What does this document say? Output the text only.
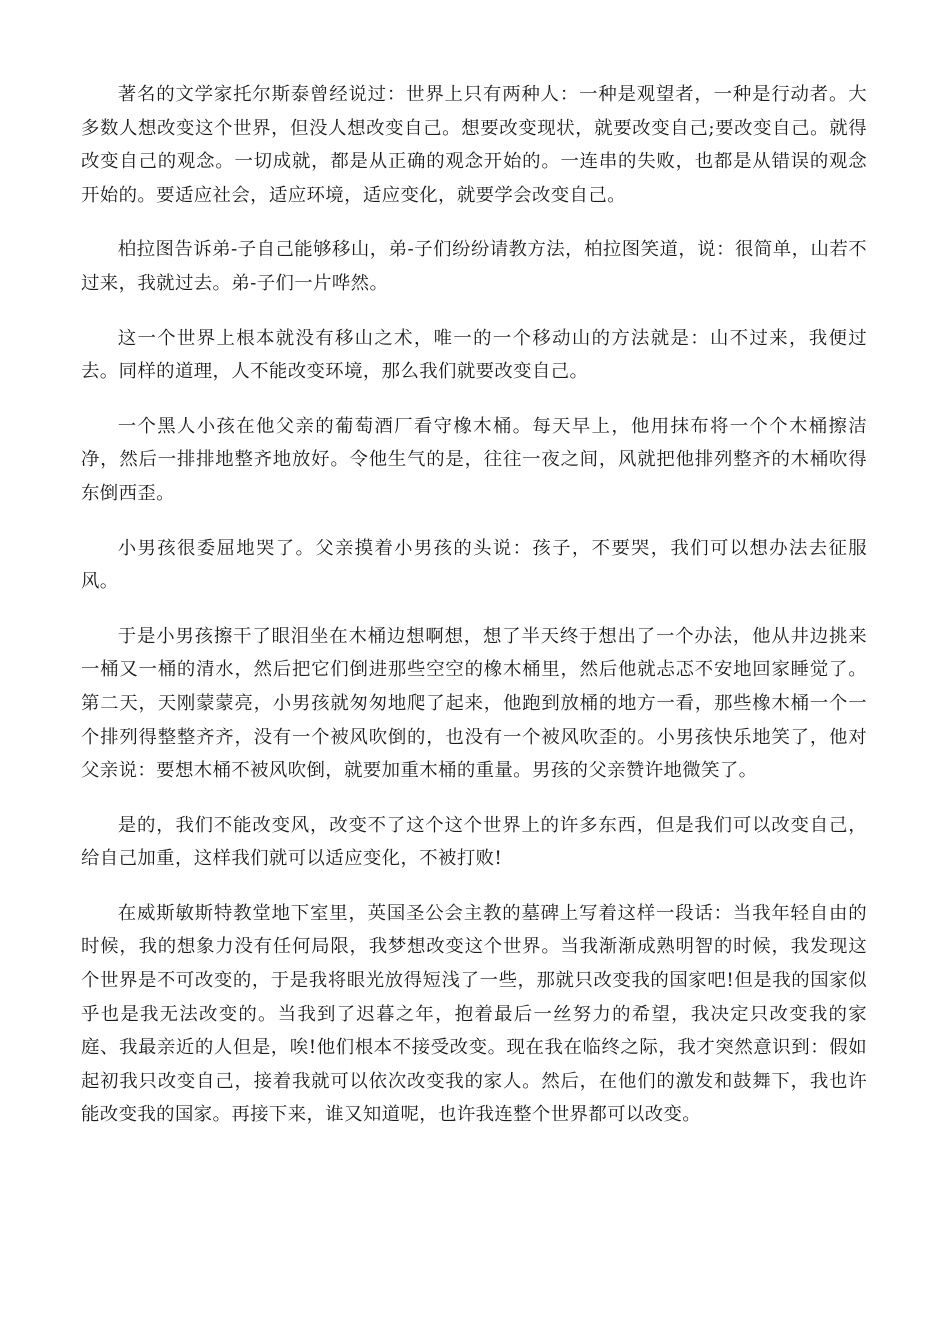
著名的文学家托尔斯泰曾经说过：世界上只有两种人：一种是观望者，一种是行动者。大多数人想改变这个世界，但没人想改变自己。想要改变现状，就要改变自己;要改变自己。就得改变自己的观念。一切成就，都是从正确的观念开始的。一连串的失败，也都是从错误的观念开始的。要适应社会，适应环境，适应变化，就要学会改变自己。

柏拉图告诉弟-子自己能够移山，弟-子们纷纷请教方法，柏拉图笑道，说：很简单，山若不过来，我就过去。弟-子们一片哗然。

这一个世界上根本就没有移山之术，唯一的一个移动山的方法就是：山不过来，我便过去。同样的道理，人不能改变环境，那么我们就要改变自己。

一个黑人小孩在他父亲的葡萄酒厂看守橡木桶。每天早上，他用抹布将一个个木桶擦洁净，然后一排排地整齐地放好。令他生气的是，往往一夜之间，风就把他排列整齐的木桶吹得东倒西歪。

小男孩很委屈地哭了。父亲摸着小男孩的头说：孩子，不要哭，我们可以想办法去征服风。

于是小男孩擦干了眼泪坐在木桶边想啊想，想了半天终于想出了一个办法，他从井边挑来一桶又一桶的清水，然后把它们倒进那些空空的橡木桶里，然后他就忐忑不安地回家睡觉了。第二天，天刚蒙蒙亮，小男孩就匆匆地爬了起来，他跑到放桶的地方一看，那些橡木桶一个一个排列得整整齐齐，没有一个被风吹倒的，也没有一个被风吹歪的。小男孩快乐地笑了，他对父亲说：要想木桶不被风吹倒，就要加重木桶的重量。男孩的父亲赞许地微笑了。

是的，我们不能改变风，改变不了这个这个世界上的许多东西，但是我们可以改变自己，给自己加重，这样我们就可以适应变化，不被打败!

在威斯敏斯特教堂地下室里，英国圣公会主教的墓碑上写着这样一段话：当我年轻自由的时候，我的想象力没有任何局限，我梦想改变这个世界。当我渐渐成熟明智的时候，我发现这个世界是不可改变的，于是我将眼光放得短浅了一些，那就只改变我的国家吧!但是我的国家似乎也是我无法改变的。当我到了迟暮之年，抱着最后一丝努力的希望，我决定只改变我的家庭、我最亲近的人但是，唉!他们根本不接受改变。现在我在临终之际，我才突然意识到：假如起初我只改变自己，接着我就可以依次改变我的家人。然后，在他们的激发和鼓舞下，我也许能改变我的国家。再接下来，谁又知道呢，也许我连整个世界都可以改变。
